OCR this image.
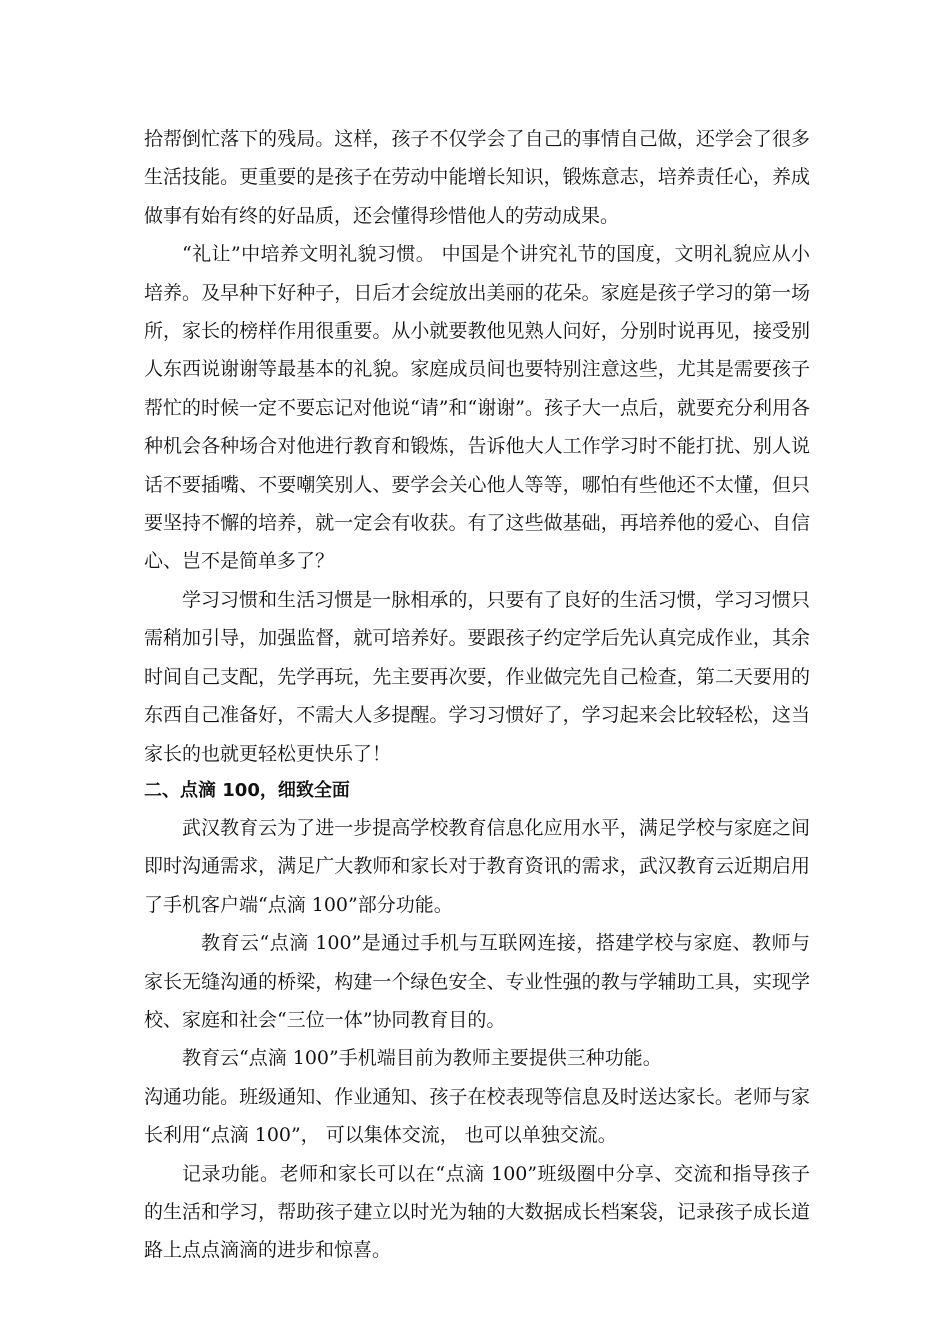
拾帮倒忙落下的残局。这样，孩子不仅学会了自己的事情自己做，还学会了很多生活技能。更重要的是孩子在劳动中能增长知识，锻炼意志，培养责任心，养成做事有始有终的好品质，还会懂得珍惜他人的劳动成果。

“礼让”中培养文明礼貌习惯。 中国是个讲究礼节的国度，文明礼貌应从小培养。及早种下好种子，日后才会绽放出美丽的花朵。家庭是孩子学习的第一场所，家长的榜样作用很重要。从小就要教他见熟人问好，分别时说再见，接受别人东西说谢谢等最基本的礼貌。家庭成员间也要特别注意这些，尤其是需要孩子帮忙的时候一定不要忘记对他说“请”和“谢谢”。孩子大一点后，就要充分利用各种机会各种场合对他进行教育和锻炼，告诉他大人工作学习时不能打扰、别人说话不要插嘴、不要嘲笑别人、要学会关心他人等等，哪怕有些他还不太懂，但只要坚持不懈的培养，就一定会有收获。有了这些做基础，再培养他的爱心、自信心、岂不是简单多了？

学习习惯和生活习惯是一脉相承的，只要有了良好的生活习惯，学习习惯只需稍加引导，加强监督，就可培养好。要跟孩子约定学后先认真完成作业，其余时间自己支配，先学再玩，先主要再次要，作业做完先自己检查，第二天要用的东西自己准备好，不需大人多提醒。学习习惯好了，学习起来会比较轻松，这当家长的也就更轻松更快乐了！

二、点滴 100，细致全面

武汉教育云为了进一步提高学校教育信息化应用水平，满足学校与家庭之间即时沟通需求，满足广大教师和家长对于教育资讯的需求，武汉教育云近期启用了手机客户端“点滴 100”部分功能。

教育云“点滴 100”是通过手机与互联网连接，搭建学校与家庭、教师与家长无缝沟通的桥梁，构建一个绿色安全、专业性强的教与学辅助工具，实现学校、家庭和社会“三位一体”协同教育目的。

教育云“点滴 100”手机端目前为教师主要提供三种功能。

沟通功能。班级通知、作业通知、孩子在校表现等信息及时送达家长。老师与家长利用“点滴 100”， 可以集体交流， 也可以单独交流。

记录功能。老师和家长可以在“点滴 100”班级圈中分享、交流和指导孩子的生活和学习，帮助孩子建立以时光为轴的大数据成长档案袋，记录孩子成长道路上点点滴滴的进步和惊喜。
